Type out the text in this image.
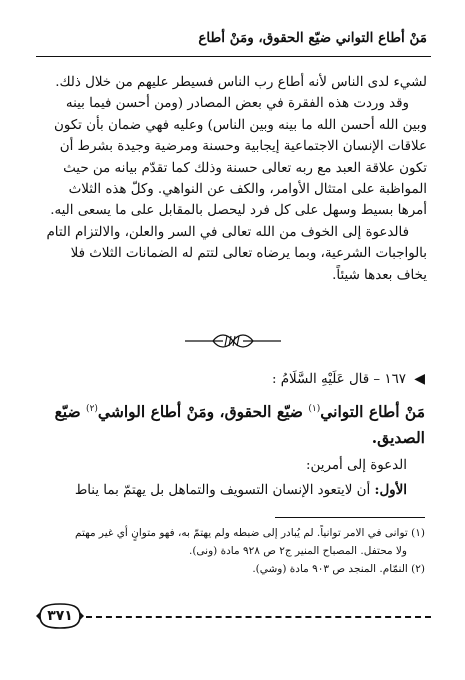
مَنْ أطاع التواني ضيّع الحقوق، ومَنْ أطاع

لشيء لدى الناس لأنه أطاع رب الناس فسيطر عليهم من خلال ذلك.

وقد وردت هذه الفقرة في بعض المصادر (ومن أحسن فيما بينه

وبين الله أحسن الله ما بينه وبين الناس) وعليه فهي ضمان بأن تكون

علاقات الإنسان الاجتماعية إيجابية وحسنة ومرضية وجيدة بشرط أن

تكون علاقة العبد مع ربه تعالى حسنة وذلك كما تقدّم بيانه من حيث

المواظبة على امتثال الأوامر، والكف عن النواهي. وكلّ هذه الثلاث

أمرها بسيط وسهل على كل فرد ليحصل بالمقابل على ما يسعى اليه.

فالدعوة إلى الخوف من الله تعالى في السر والعلن، والالتزام التام

بالواجبات الشرعية، وبما يرضاه تعالى لتتم له الضمانات الثلاث فلا

يخاف بعدها شيئاً.

◀ ١٦٧ – قال عَلَيْهِ السَّلَامُ :

مَنْ أطاع التواني$^{(١)}$ ضيّع الحقوق، ومَنْ أطاع الواشي$^{(٢)}$ ضيّع

الصديق.

الدعوة إلى أمرين:

الأول: أن لايتعود الإنسان التسويف والتماهل بل يهتمّ بما يناط

(١) توانى في الامر توانياً. لم يُبادر إلى ضبطه ولم يهتمّ به، فهو متوانٍ أي غير مهتم

ولا محتفل. المصباح المنير ج٢ ص ٩٢٨ مادة (ونى).

(٢) النمّام. المنجد ص ٩٠٣ مادة (وشي).

٣٧١
